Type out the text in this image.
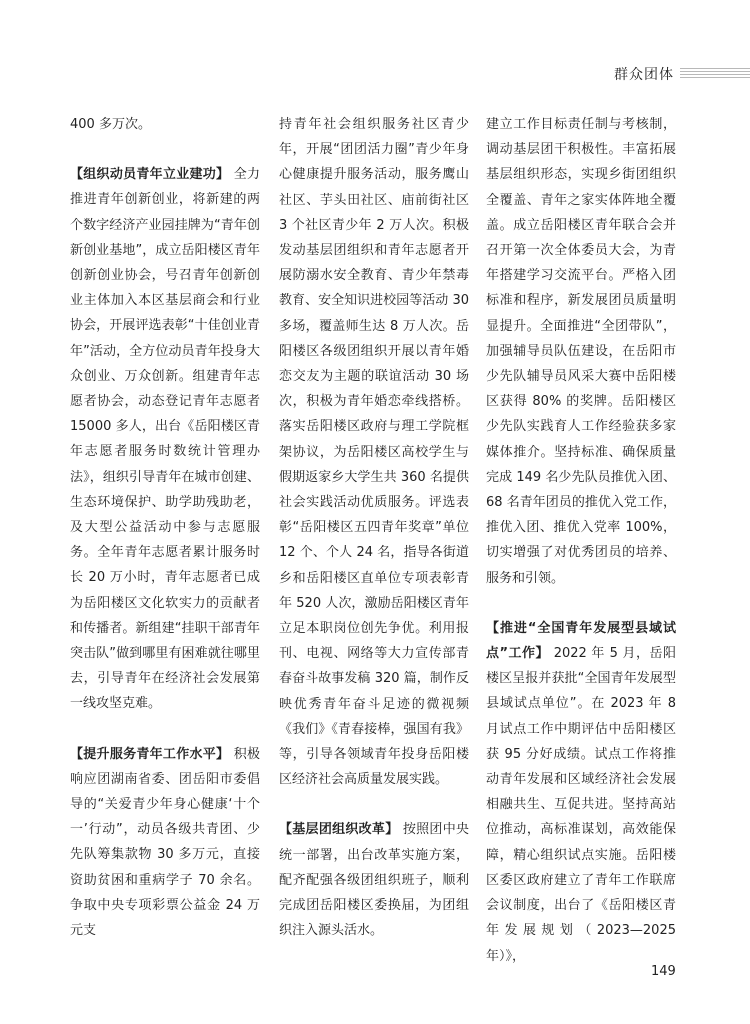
群众团体

400 多万次。

【组织动员青年立业建功】 全力推进青年创新创业，将新建的两个数字经济产业园挂牌为“青年创新创业基地”，成立岳阳楼区青年创新创业协会，号召青年创新创业主体加入本区基层商会和行业协会，开展评选表彰“十佳创业青年”活动，全方位动员青年投身大众创业、万众创新。组建青年志愿者协会，动态登记青年志愿者 15000 多人，出台《岳阳楼区青年志愿者服务时数统计管理办法》，组织引导青年在城市创建、生态环境保护、助学助残助老，及大型公益活动中参与志愿服务。全年青年志愿者累计服务时长 20 万小时，青年志愿者已成为岳阳楼区文化软实力的贡献者和传播者。新组建“挂职干部青年突击队”做到哪里有困难就往哪里去，引导青年在经济社会发展第一线攻坚克难。

【提升服务青年工作水平】 积极响应团湖南省委、团岳阳市委倡导的“关爱青少年身心健康‘十个一’行动”，动员各级共青团、少先队筹集款物 30 多万元，直接资助贫困和重病学子 70 余名。争取中央专项彩票公益金 24 万元支

持青年社会组织服务社区青少年，开展“团团活力圈”青少年身心健康提升服务活动，服务鹰山社区、芋头田社区、庙前街社区 3 个社区青少年 2 万人次。积极发动基层团组织和青年志愿者开展防溺水安全教育、青少年禁毒教育、安全知识进校园等活动 30 多场，覆盖师生达 8 万人次。岳阳楼区各级团组织开展以青年婚恋交友为主题的联谊活动 30 场次，积极为青年婚恋牵线搭桥。落实岳阳楼区政府与理工学院框架协议，为岳阳楼区高校学生与假期返家乡大学生共 360 名提供社会实践活动优质服务。评选表彰“岳阳楼区五四青年奖章”单位 12 个、个人 24 名，指导各街道乡和岳阳楼区直单位专项表彰青年 520 人次，激励岳阳楼区青年立足本职岗位创先争优。利用报刊、电视、网络等大力宣传部青春奋斗故事发稿 320 篇，制作反映优秀青年奋斗足迹的微视频《我们》《青春接棒，强国有我》等，引导各领域青年投身岳阳楼区经济社会高质量发展实践。

【基层团组织改革】 按照团中央统一部署，出台改革实施方案，配齐配强各级团组织班子，顺利完成团岳阳楼区委换届，为团组织注入源头活水。

建立工作目标责任制与考核制，调动基层团干积极性。丰富拓展基层组织形态，实现乡街团组织全覆盖、青年之家实体阵地全覆盖。成立岳阳楼区青年联合会并召开第一次全体委员大会，为青年搭建学习交流平台。严格入团标准和程序，新发展团员质量明显提升。全面推进“全团带队”，加强辅导员队伍建设，在岳阳市少先队辅导员风采大赛中岳阳楼区获得 80% 的奖牌。岳阳楼区少先队实践育人工作经验获多家媒体推介。坚持标准、确保质量完成 149 名少先队员推优入团、68 名青年团员的推优入党工作，推优入团、推优入党率 100%，切实增强了对优秀团员的培养、服务和引领。

【推进“全国青年发展型县域试点”工作】 2022 年 5 月，岳阳楼区呈报并获批“全国青年发展型县域试点单位”。在 2023 年 8 月试点工作中期评估中岳阳楼区获 95 分好成绩。试点工作将推动青年发展和区域经济社会发展相融共生、互促共进。坚持高站位推动，高标准谋划，高效能保障，精心组织试点实施。岳阳楼区委区政府建立了青年工作联席会议制度，出台了《岳阳楼区青年发展规划（2023—2025 年）》，

149
